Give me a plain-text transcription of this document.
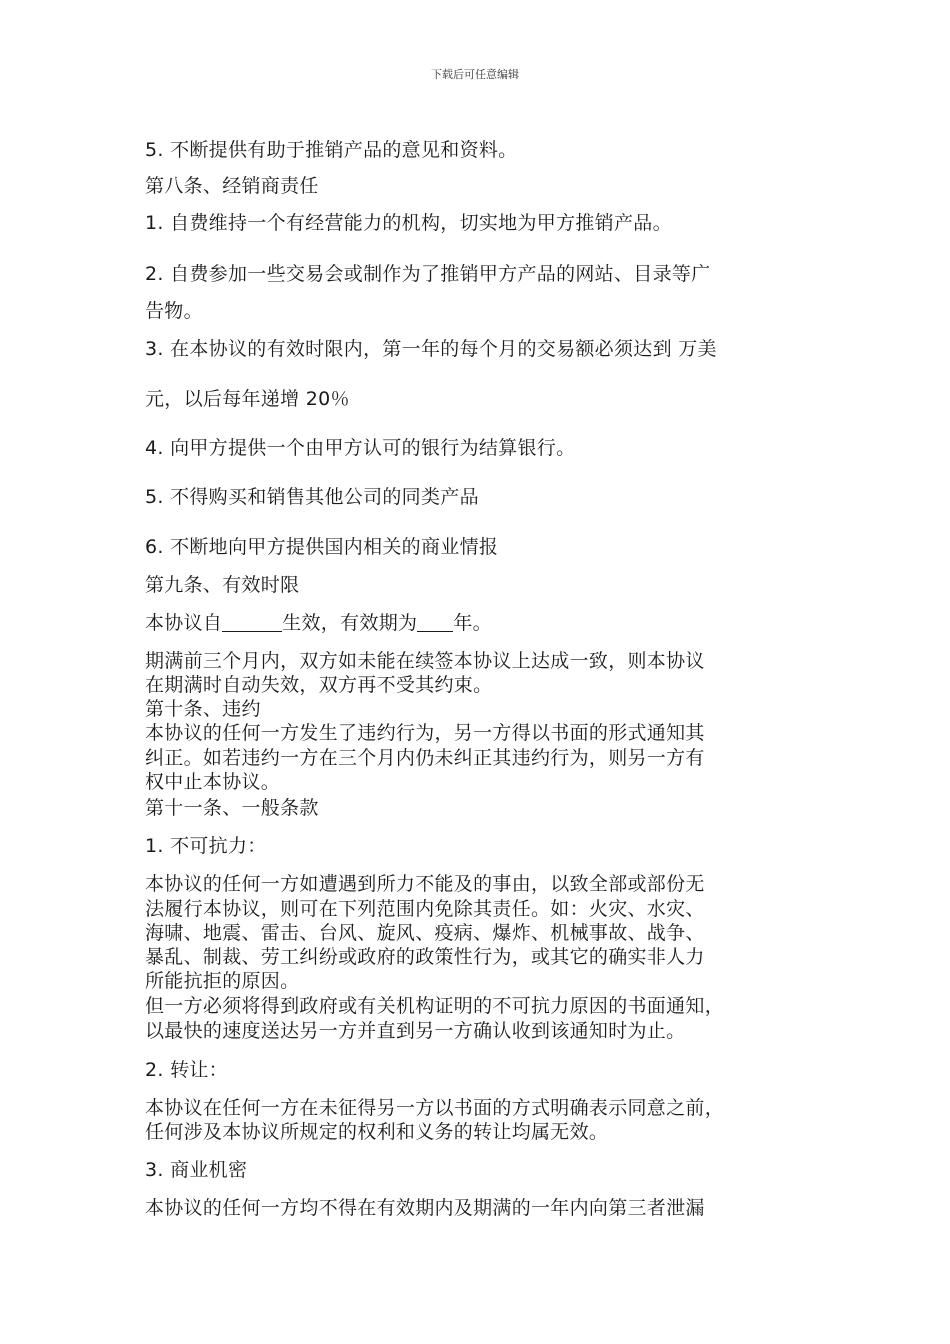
下载后可任意编辑
5. 不断提供有助于推销产品的意见和资料。
第八条、经销商责任
1. 自费维持一个有经营能力的机构，切实地为甲方推销产品。
2. 自费参加一些交易会或制作为了推销甲方产品的网站、目录等广
告物。
3. 在本协议的有效时限内，第一年的每个月的交易额必须达到 万美
元，以后每年递增 20％
4. 向甲方提供一个由甲方认可的银行为结算银行。
5. 不得购买和销售其他公司的同类产品
6. 不断地向甲方提供国内相关的商业情报
第九条、有效时限
本协议自	生效，有效期为 年。
期满前三个月内，双方如未能在续签本协议上达成一致，则本协议
在期满时自动失效，双方再不受其约束。
第十条、违约
本协议的任何一方发生了违约行为，另一方得以书面的形式通知其
纠正。如若违约一方在三个月内仍未纠正其违约行为，则另一方有
权中止本协议。
第十一条、一般条款
1. 不可抗力：
本协议的任何一方如遭遇到所力不能及的事由，以致全部或部份无
法履行本协议，则可在下列范围内免除其责任。如：火灾、水灾、
海啸、地震、雷击、台风、旋风、疫病、爆炸、机械事故、战争、
暴乱、制裁、劳工纠纷或政府的政策性行为，或其它的确实非人力
所能抗拒的原因。
但一方必须将得到政府或有关机构证明的不可抗力原因的书面通知，
以最快的速度送达另一方并直到另一方确认收到该通知时为止。
2. 转让：
本协议在任何一方在未征得另一方以书面的方式明确表示同意之前，
任何涉及本协议所规定的权利和义务的转让均属无效。
3. 商业机密
本协议的任何一方均不得在有效期内及期满的一年内向第三者泄漏
